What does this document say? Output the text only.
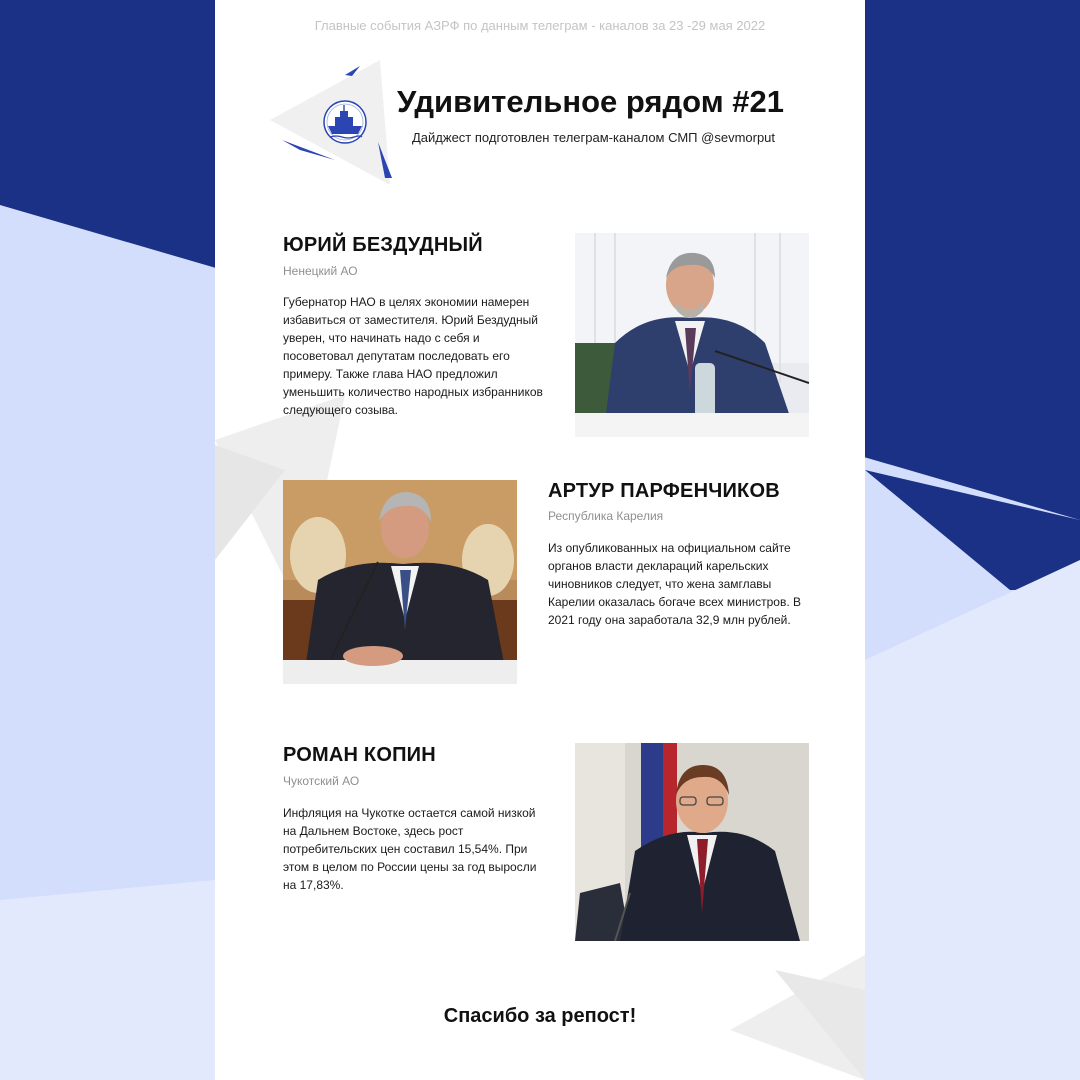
Главные события АЗРФ по данным телеграм - каналов за 23 -29 мая 2022
Удивительное рядом #21
Дайджест подготовлен телеграм-каналом СМП @sevmorput
ЮРИЙ БЕЗДУДНЫЙ
Ненецкий АО

Губернатор НАО в целях экономии намерен избавиться от заместителя. Юрий Бездудный уверен, что начинать надо с себя и посоветовал депутатам последовать его примеру. Также глава НАО предложил уменьшить количество народных избранников следующего созыва.

АРТУР ПАРФЕНЧИКОВ
Республика Карелия

Из опубликованных на официальном сайте органов власти деклараций карельских чиновников следует, что жена замглавы Карелии оказалась богаче всех министров. В 2021 году она заработала 32,9 млн рублей.

РОМАН КОПИН
Чукотский АО

Инфляция на Чукотке остается самой низкой на Дальнем Востоке, здесь рост потребительских цен составил 15,54%. При этом в целом по России цены за год выросли на 17,83%.

Спасибо за репост!
